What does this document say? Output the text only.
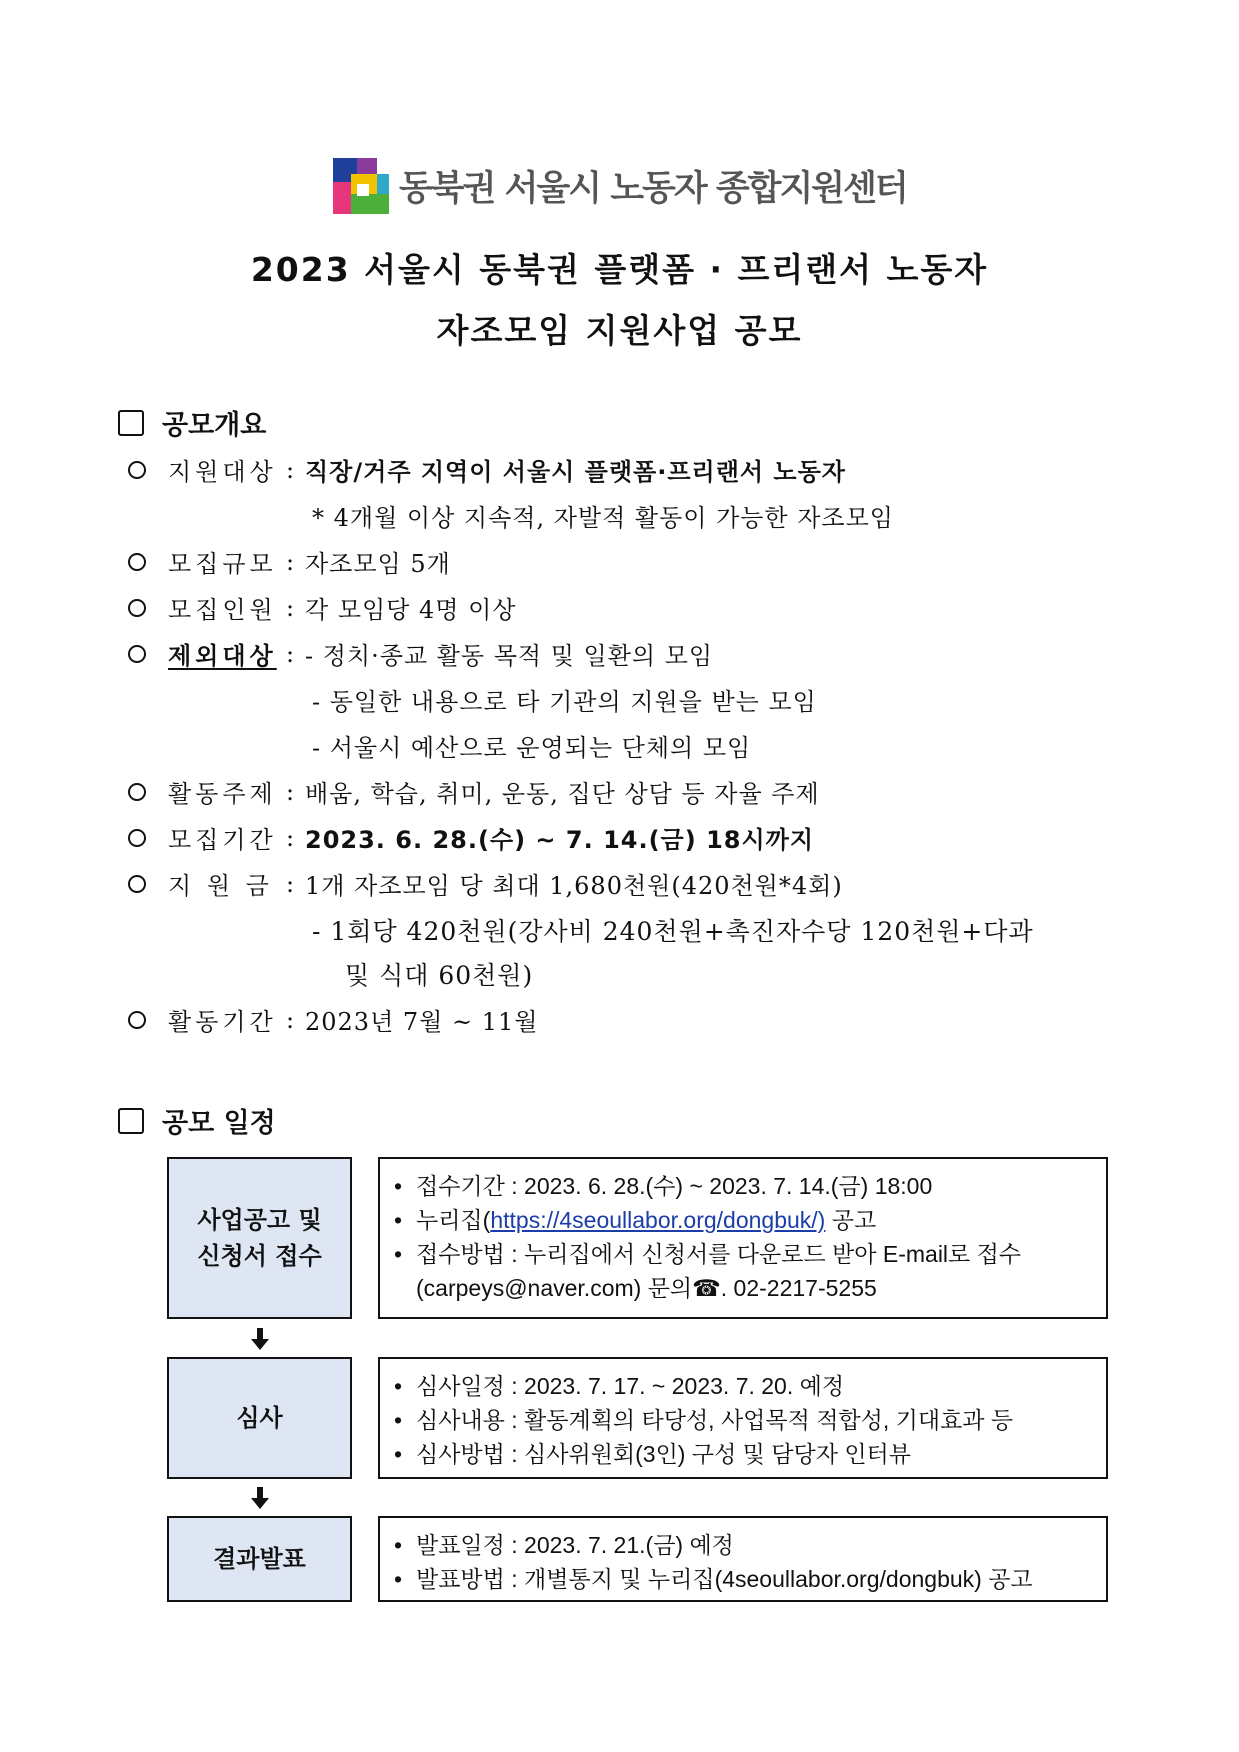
동북권 서울시 노동자 종합지원센터
2023 서울시 동북권 플랫폼 · 프리랜서 노동자
자조모임 지원사업 공모
공모개요
지원대상 : 직장/거주 지역이 서울시 플랫폼·프리랜서 노동자
* 4개월 이상 지속적, 자발적 활동이 가능한 자조모임
모집규모 : 자조모임 5개
모집인원 : 각 모임당 4명 이상
제외대상 : - 정치·종교 활동 목적 및 일환의 모임
- 동일한 내용으로 타 기관의 지원을 받는 모임
- 서울시 예산으로 운영되는 단체의 모임
활동주제 : 배움, 학습, 취미, 운동, 집단 상담 등 자율 주제
모집기간 : 2023. 6. 28.(수) ~ 7. 14.(금) 18시까지
지 원 금 : 1개 자조모임 당 최대 1,680천원(420천원*4회)
- 1회당 420천원(강사비 240천원+촉진자수당 120천원+다과
및 식대 60천원)
활동기간 : 2023년 7월 ~ 11월
공모 일정
사업공고 및
신청서 접수
• 접수기간 : 2023. 6. 28.(수) ~ 2023. 7. 14.(금) 18:00
• 누리집(https://4seoullabor.org/dongbuk/) 공고
• 접수방법 : 누리집에서 신청서를 다운로드 받아 E-mail로 접수
(carpeys@naver.com) 문의☎. 02-2217-5255
심사
• 심사일정 : 2023. 7. 17. ~ 2023. 7. 20. 예정
• 심사내용 : 활동계획의 타당성, 사업목적 적합성, 기대효과 등
• 심사방법 : 심사위원회(3인) 구성 및 담당자 인터뷰
결과발표	• 발표일정 : 2023. 7. 21.(금) 예정
• 발표방법 : 개별통지 및 누리집(4seoullabor.org/dongbuk) 공고
